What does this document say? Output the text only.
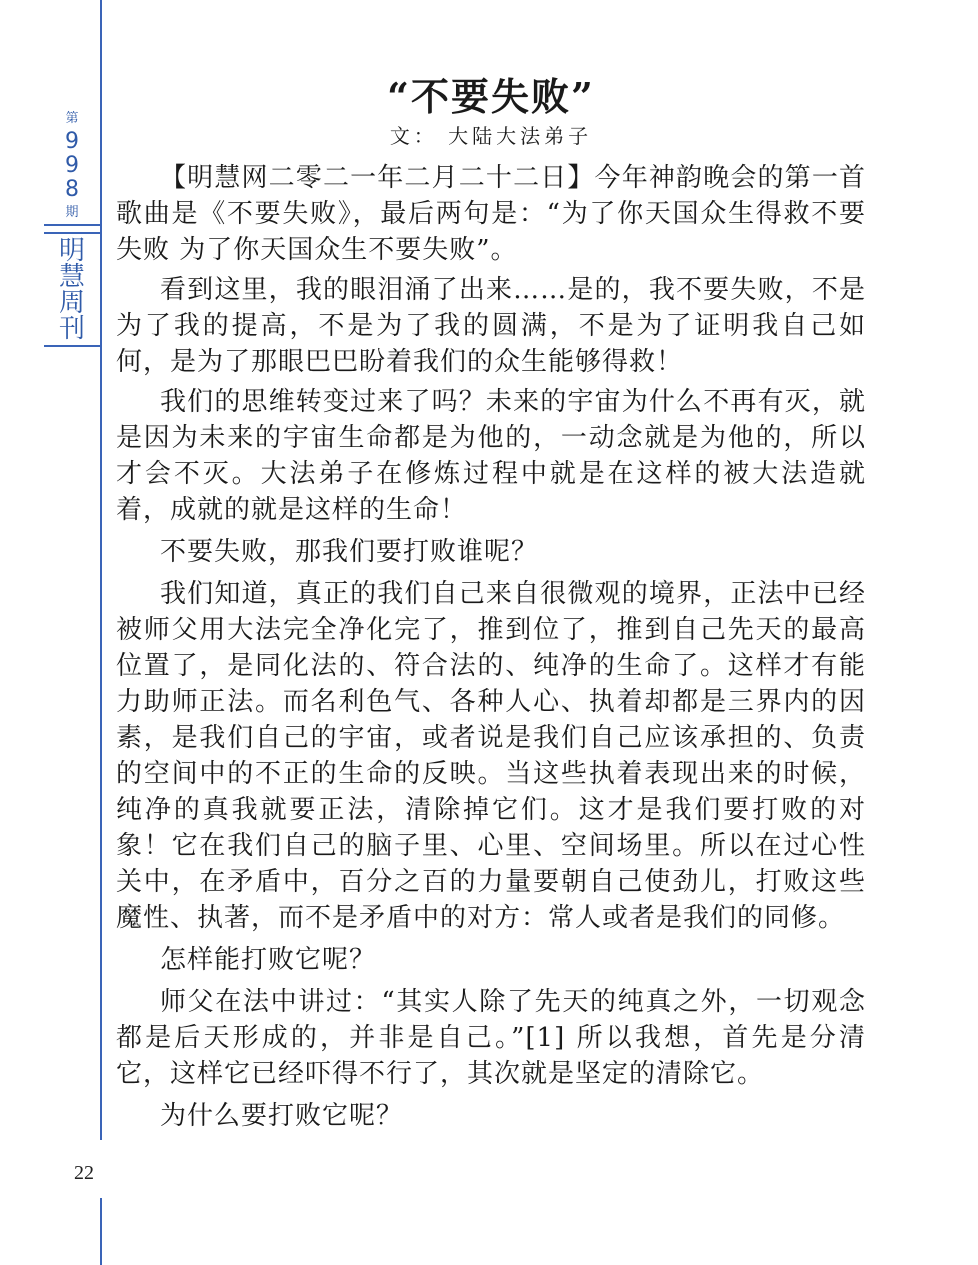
第
9
9
8
期
明
慧
周
刊
22
“不要失败”
文： 大陆大法弟子

【明慧网二零二一年二月二十二日】今年神韵晚会的第一首歌曲是《不要失败》，最后两句是：“为了你天国众生得救不要失败 为了你天国众生不要失败”。

看到这里，我的眼泪涌了出来……是的，我不要失败，不是为了我的提高，不是为了我的圆满，不是为了证明我自己如何，是为了那眼巴巴盼着我们的众生能够得救！

我们的思维转变过来了吗？未来的宇宙为什么不再有灭，就是因为未来的宇宙生命都是为他的，一动念就是为他的，所以才会不灭。大法弟子在修炼过程中就是在这样的被大法造就着，成就的就是这样的生命！

不要失败，那我们要打败谁呢？

我们知道，真正的我们自己来自很微观的境界，正法中已经被师父用大法完全净化完了，推到位了，推到自己先天的最高位置了，是同化法的、符合法的、纯净的生命了。这样才有能力助师正法。而名利色气、各种人心、执着却都是三界内的因素，是我们自己的宇宙，或者说是我们自己应该承担的、负责的空间中的不正的生命的反映。当这些执着表现出来的时候，纯净的真我就要正法，清除掉它们。这才是我们要打败的对象！它在我们自己的脑子里、心里、空间场里。所以在过心性关中，在矛盾中，百分之百的力量要朝自己使劲儿，打败这些魔性、执著，而不是矛盾中的对方：常人或者是我们的同修。

怎样能打败它呢？

师父在法中讲过：“其实人除了先天的纯真之外，一切观念都是后天形成的，并非是自己。”[1] 所以我想，首先是分清它，这样它已经吓得不行了，其次就是坚定的清除它。

为什么要打败它呢？
